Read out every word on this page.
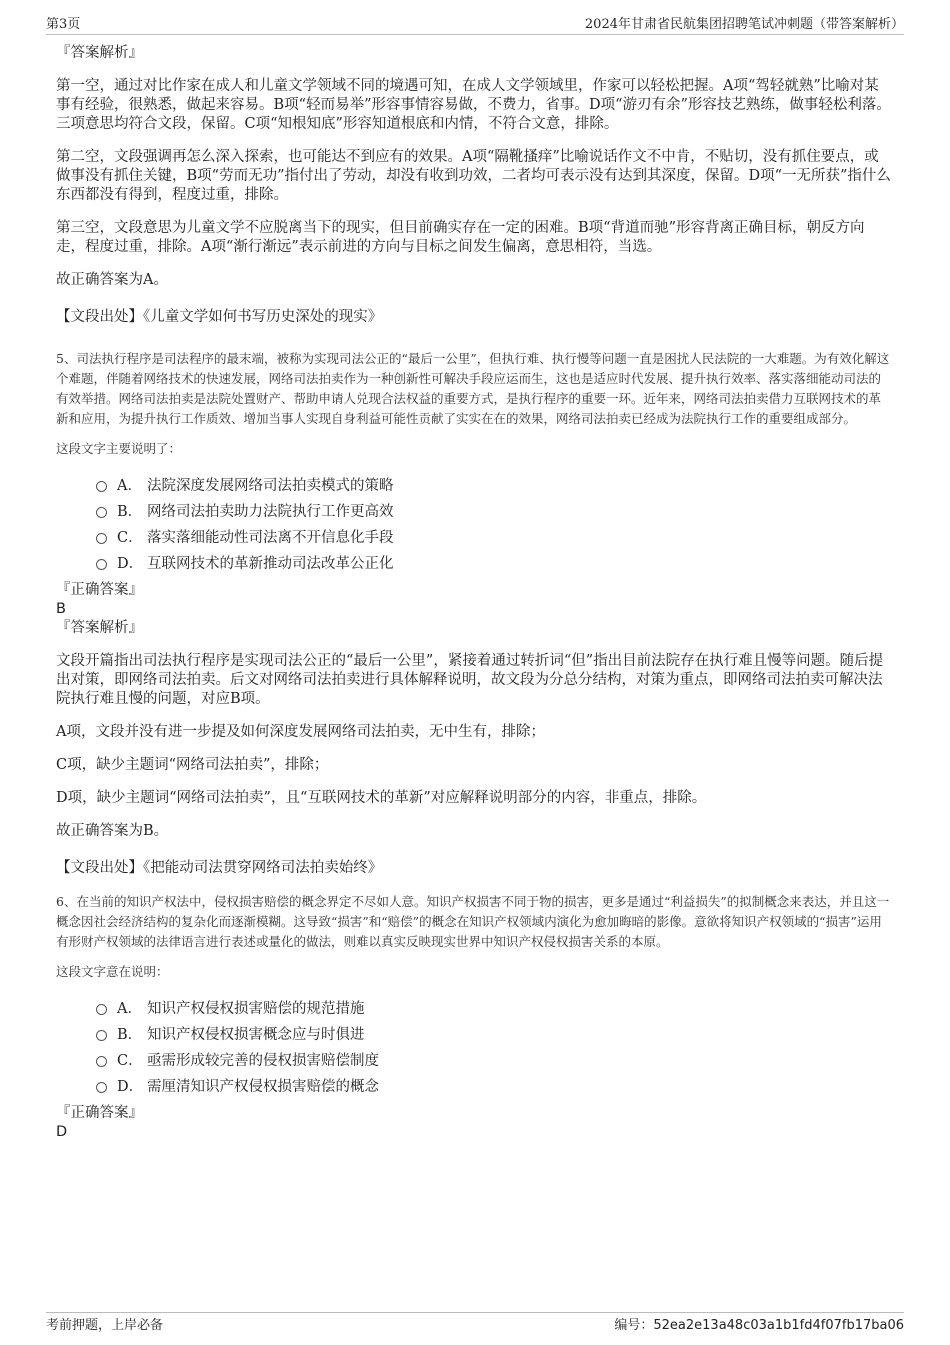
第3页	2024年甘肃省民航集团招聘笔试冲刺题（带答案解析）

『答案解析』

第一空，通过对比作家在成人和儿童文学领域不同的境遇可知，在成人文学领域里，作家可以轻松把握。A项“驾轻就熟”比喻对某事有经验，很熟悉，做起来容易。B项“轻而易举”形容事情容易做，不费力，省事。D项“游刃有余”形容技艺熟练，做事轻松利落。三项意思均符合文段，保留。C项“知根知底”形容知道根底和内情，不符合文意，排除。

第二空，文段强调再怎么深入探索，也可能达不到应有的效果。A项“隔靴搔痒”比喻说话作文不中肯，不贴切，没有抓住要点，或做事没有抓住关键，B项“劳而无功”指付出了劳动，却没有收到功效，二者均可表示没有达到其深度，保留。D项“一无所获”指什么东西都没有得到，程度过重，排除。

第三空，文段意思为儿童文学不应脱离当下的现实，但目前确实存在一定的困难。B项“背道而驰”形容背离正确目标，朝反方向走，程度过重，排除。A项“渐行渐远”表示前进的方向与目标之间发生偏离，意思相符，当选。

故正确答案为A。

【文段出处】《儿童文学如何书写历史深处的现实》

5、司法执行程序是司法程序的最末端，被称为实现司法公正的“最后一公里”，但执行难、执行慢等问题一直是困扰人民法院的一大难题。为有效化解这个难题，伴随着网络技术的快速发展，网络司法拍卖作为一种创新性可解决手段应运而生，这也是适应时代发展、提升执行效率、落实落细能动司法的有效举措。网络司法拍卖是法院处置财产、帮助申请人兑现合法权益的重要方式，是执行程序的重要一环。近年来，网络司法拍卖借力互联网技术的革新和应用，为提升执行工作质效、增加当事人实现自身利益可能性贡献了实实在在的效果，网络司法拍卖已经成为法院执行工作的重要组成部分。

这段文字主要说明了：

A． 法院深度发展网络司法拍卖模式的策略
B． 网络司法拍卖助力法院执行工作更高效
C． 落实落细能动性司法离不开信息化手段
D． 互联网技术的革新推动司法改革公正化

『正确答案』

B

『答案解析』

文段开篇指出司法执行程序是实现司法公正的“最后一公里”，紧接着通过转折词“但”指出目前法院存在执行难且慢等问题。随后提出对策，即网络司法拍卖。后文对网络司法拍卖进行具体解释说明，故文段为分总分结构，对策为重点，即网络司法拍卖可解决法院执行难且慢的问题，对应B项。

A项，文段并没有进一步提及如何深度发展网络司法拍卖，无中生有，排除；

C项，缺少主题词“网络司法拍卖”，排除；

D项，缺少主题词“网络司法拍卖”，且“互联网技术的革新”对应解释说明部分的内容，非重点，排除。

故正确答案为B。

【文段出处】《把能动司法贯穿网络司法拍卖始终》

6、在当前的知识产权法中，侵权损害赔偿的概念界定不尽如人意。知识产权损害不同于物的损害，更多是通过“利益损失”的拟制概念来表达，并且这一概念因社会经济结构的复杂化而逐渐模糊。这导致“损害”和“赔偿”的概念在知识产权领域内演化为愈加晦暗的影像。意欲将知识产权领域的“损害”运用有形财产权领域的法律语言进行表述或量化的做法，则难以真实反映现实世界中知识产权侵权损害关系的本原。

这段文字意在说明：

A． 知识产权侵权损害赔偿的规范措施
B． 知识产权侵权损害概念应与时俱进
C． 亟需形成较完善的侵权损害赔偿制度
D． 需厘清知识产权侵权损害赔偿的概念

『正确答案』

D

考前押题，上岸必备	编号：52ea2e13a48c03a1b1fd4f07fb17ba06
